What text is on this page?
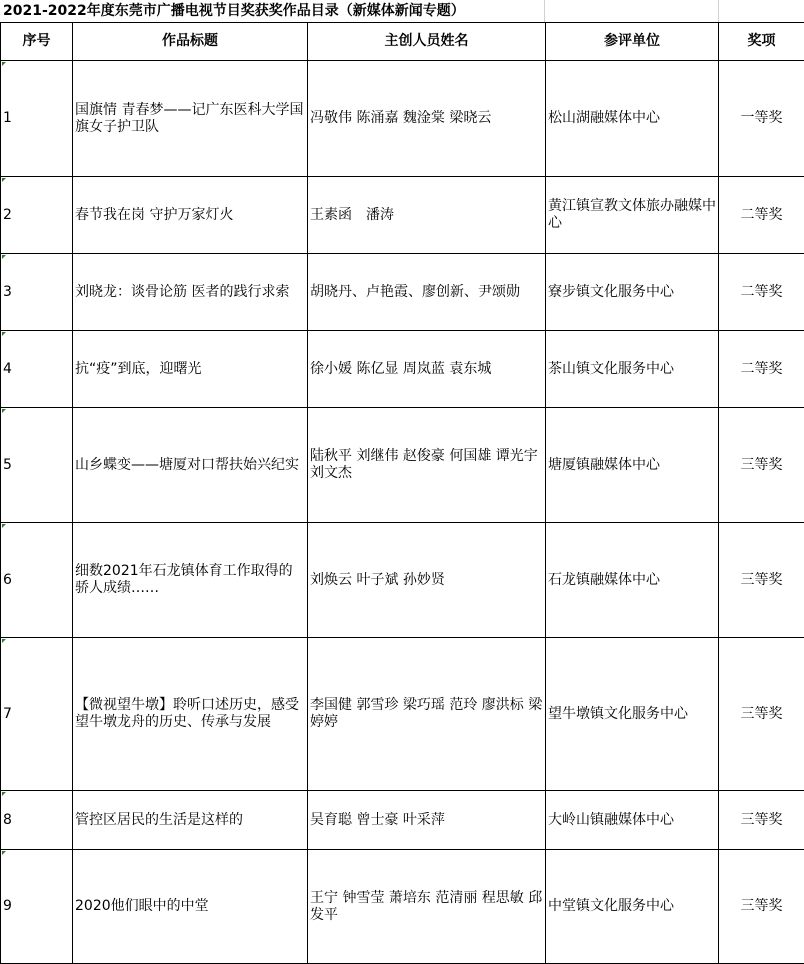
2021-2022年度东莞市广播电视节目奖获奖作品目录（新媒体新闻专题）
序号	作品标题	主创人员姓名	参评单位	奖项
1	国旗情 青春梦——记广东医科大学国旗女子护卫队	冯敬伟 陈涌嘉 魏淦棠 梁晓云	松山湖融媒体中心	一等奖
2	春节我在岗 守护万家灯火	王素函　潘涛	黄江镇宣教文体旅办融媒中心	二等奖
3	刘晓龙：谈骨论筋 医者的践行求索	胡晓丹、卢艳霞、廖创新、尹颂勋	寮步镇文化服务中心	二等奖
4	抗“疫”到底，迎曙光	徐小媛 陈亿显 周岚蓝 袁东城	茶山镇文化服务中心	二等奖
5	山乡蝶变——塘厦对口帮扶始兴纪实	陆秋平 刘继伟 赵俊豪 何国雄 谭光宇 刘文杰	塘厦镇融媒体中心	三等奖
6	细数2021年石龙镇体育工作取得的骄人成绩……	刘焕云 叶子斌 孙妙贤	石龙镇融媒体中心	三等奖
7	【微视望牛墩】聆听口述历史，感受望牛墩龙舟的历史、传承与发展	李国健 郭雪珍 梁巧瑶 范玲 廖洪标 梁婷婷	望牛墩镇文化服务中心	三等奖
8	管控区居民的生活是这样的	吴育聪 曾士豪 叶采萍	大岭山镇融媒体中心	三等奖
9	2020他们眼中的中堂	王宁 钟雪莹 萧培东 范清丽 程思敏 邱发平	中堂镇文化服务中心	三等奖
